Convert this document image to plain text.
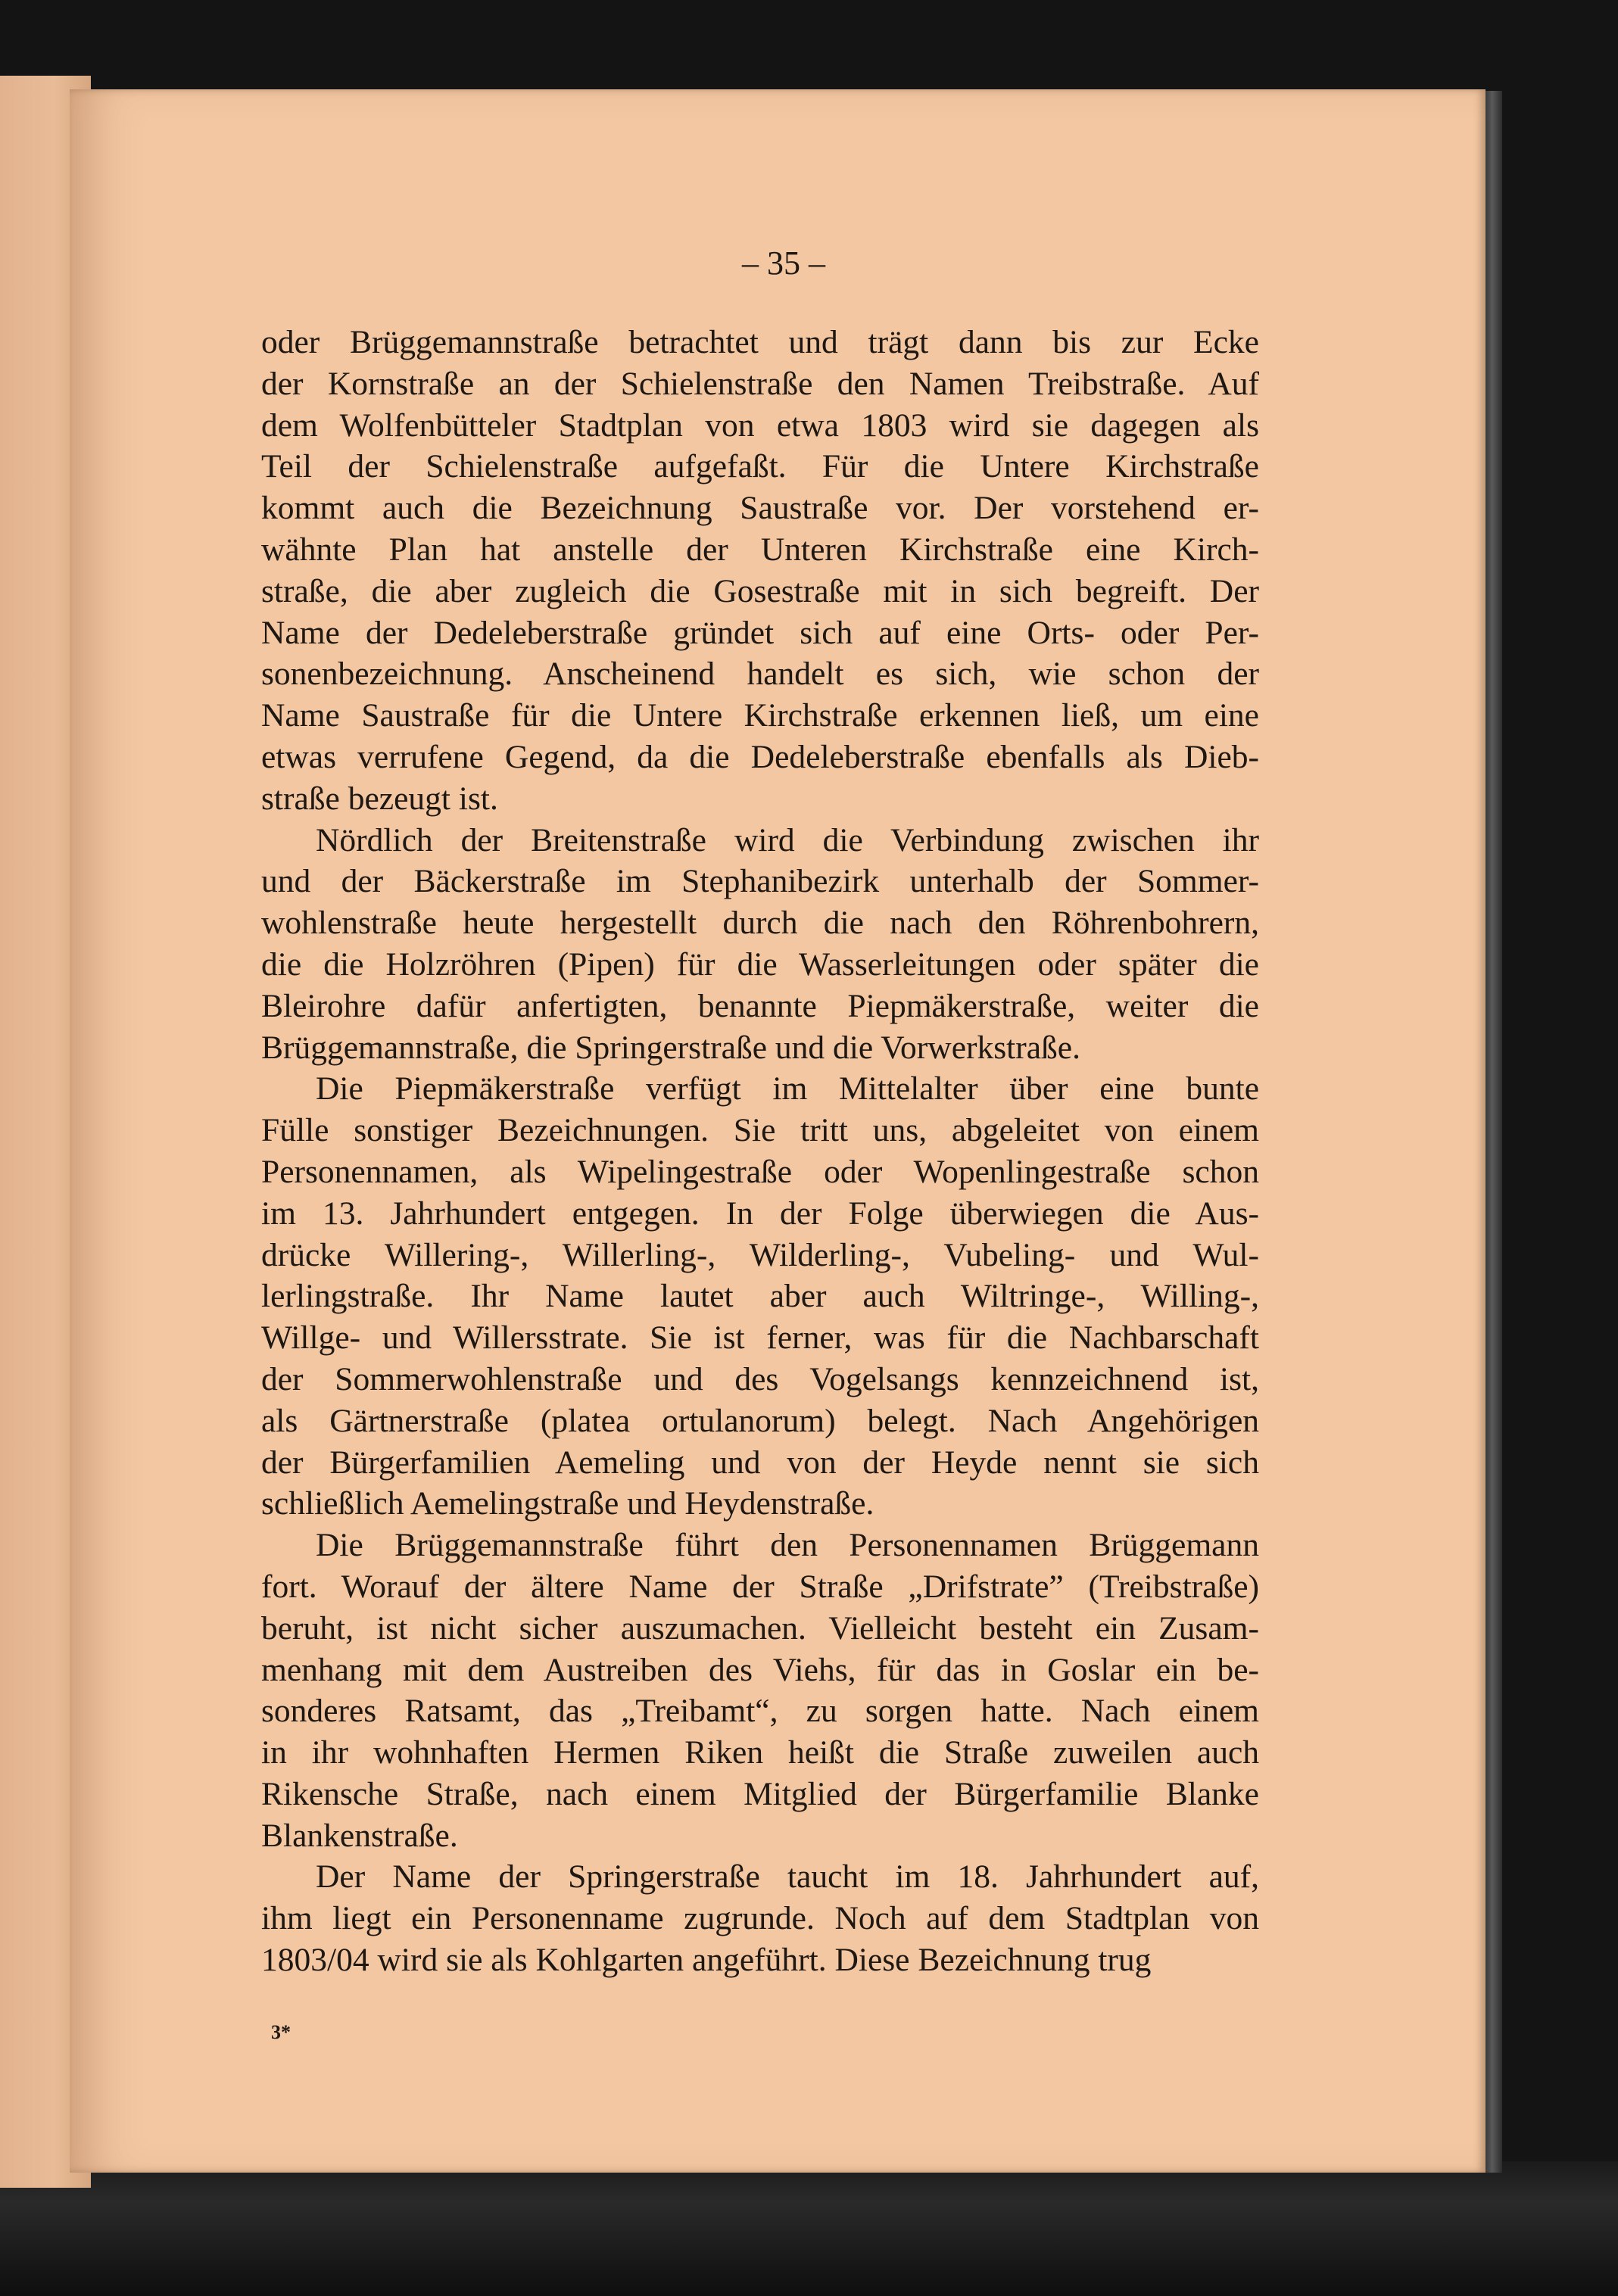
– 35 –
oder Brüggemannstraße betrachtet und trägt dann bis zur Ecke
der Kornstraße an der Schielenstraße den Namen Treibstraße. Auf
dem Wolfenbütteler Stadtplan von etwa 1803 wird sie dagegen als
Teil der Schielenstraße aufgefaßt. Für die Untere Kirchstraße
kommt auch die Bezeichnung Saustraße vor. Der vorstehend er-
wähnte Plan hat anstelle der Unteren Kirchstraße eine Kirch-
straße, die aber zugleich die Gosestraße mit in sich begreift. Der
Name der Dedeleberstraße gründet sich auf eine Orts- oder Per-
sonenbezeichnung. Anscheinend handelt es sich, wie schon der
Name Saustraße für die Untere Kirchstraße erkennen ließ, um eine
etwas verrufene Gegend, da die Dedeleberstraße ebenfalls als Dieb-
straße bezeugt ist.
Nördlich der Breitenstraße wird die Verbindung zwischen ihr
und der Bäckerstraße im Stephanibezirk unterhalb der Sommer-
wohlenstraße heute hergestellt durch die nach den Röhrenbohrern,
die die Holzröhren (Pipen) für die Wasserleitungen oder später die
Bleirohre dafür anfertigten, benannte Piepmäkerstraße, weiter die
Brüggemannstraße, die Springerstraße und die Vorwerkstraße.
Die Piepmäkerstraße verfügt im Mittelalter über eine bunte
Fülle sonstiger Bezeichnungen. Sie tritt uns, abgeleitet von einem
Personennamen, als Wipelingestraße oder Wopenlingestraße schon
im 13. Jahrhundert entgegen. In der Folge überwiegen die Aus-
drücke Willering-, Willerling-, Wilderling-, Vubeling- und Wul-
lerlingstraße. Ihr Name lautet aber auch Wiltringe-, Willing-,
Willge- und Willersstrate. Sie ist ferner, was für die Nachbarschaft
der Sommerwohlenstraße und des Vogelsangs kennzeichnend ist,
als Gärtnerstraße (platea ortulanorum) belegt. Nach Angehörigen
der Bürgerfamilien Aemeling und von der Heyde nennt sie sich
schließlich Aemelingstraße und Heydenstraße.
Die Brüggemannstraße führt den Personennamen Brüggemann
fort. Worauf der ältere Name der Straße „Drifstrate” (Treibstraße)
beruht, ist nicht sicher auszumachen. Vielleicht besteht ein Zusam-
menhang mit dem Austreiben des Viehs, für das in Goslar ein be-
sonderes Ratsamt, das „Treibamt“, zu sorgen hatte. Nach einem
in ihr wohnhaften Hermen Riken heißt die Straße zuweilen auch
Rikensche Straße, nach einem Mitglied der Bürgerfamilie Blanke
Blankenstraße.
Der Name der Springerstraße taucht im 18. Jahrhundert auf,
ihm liegt ein Personenname zugrunde. Noch auf dem Stadtplan von
1803/04 wird sie als Kohlgarten angeführt. Diese Bezeichnung trug
3*
